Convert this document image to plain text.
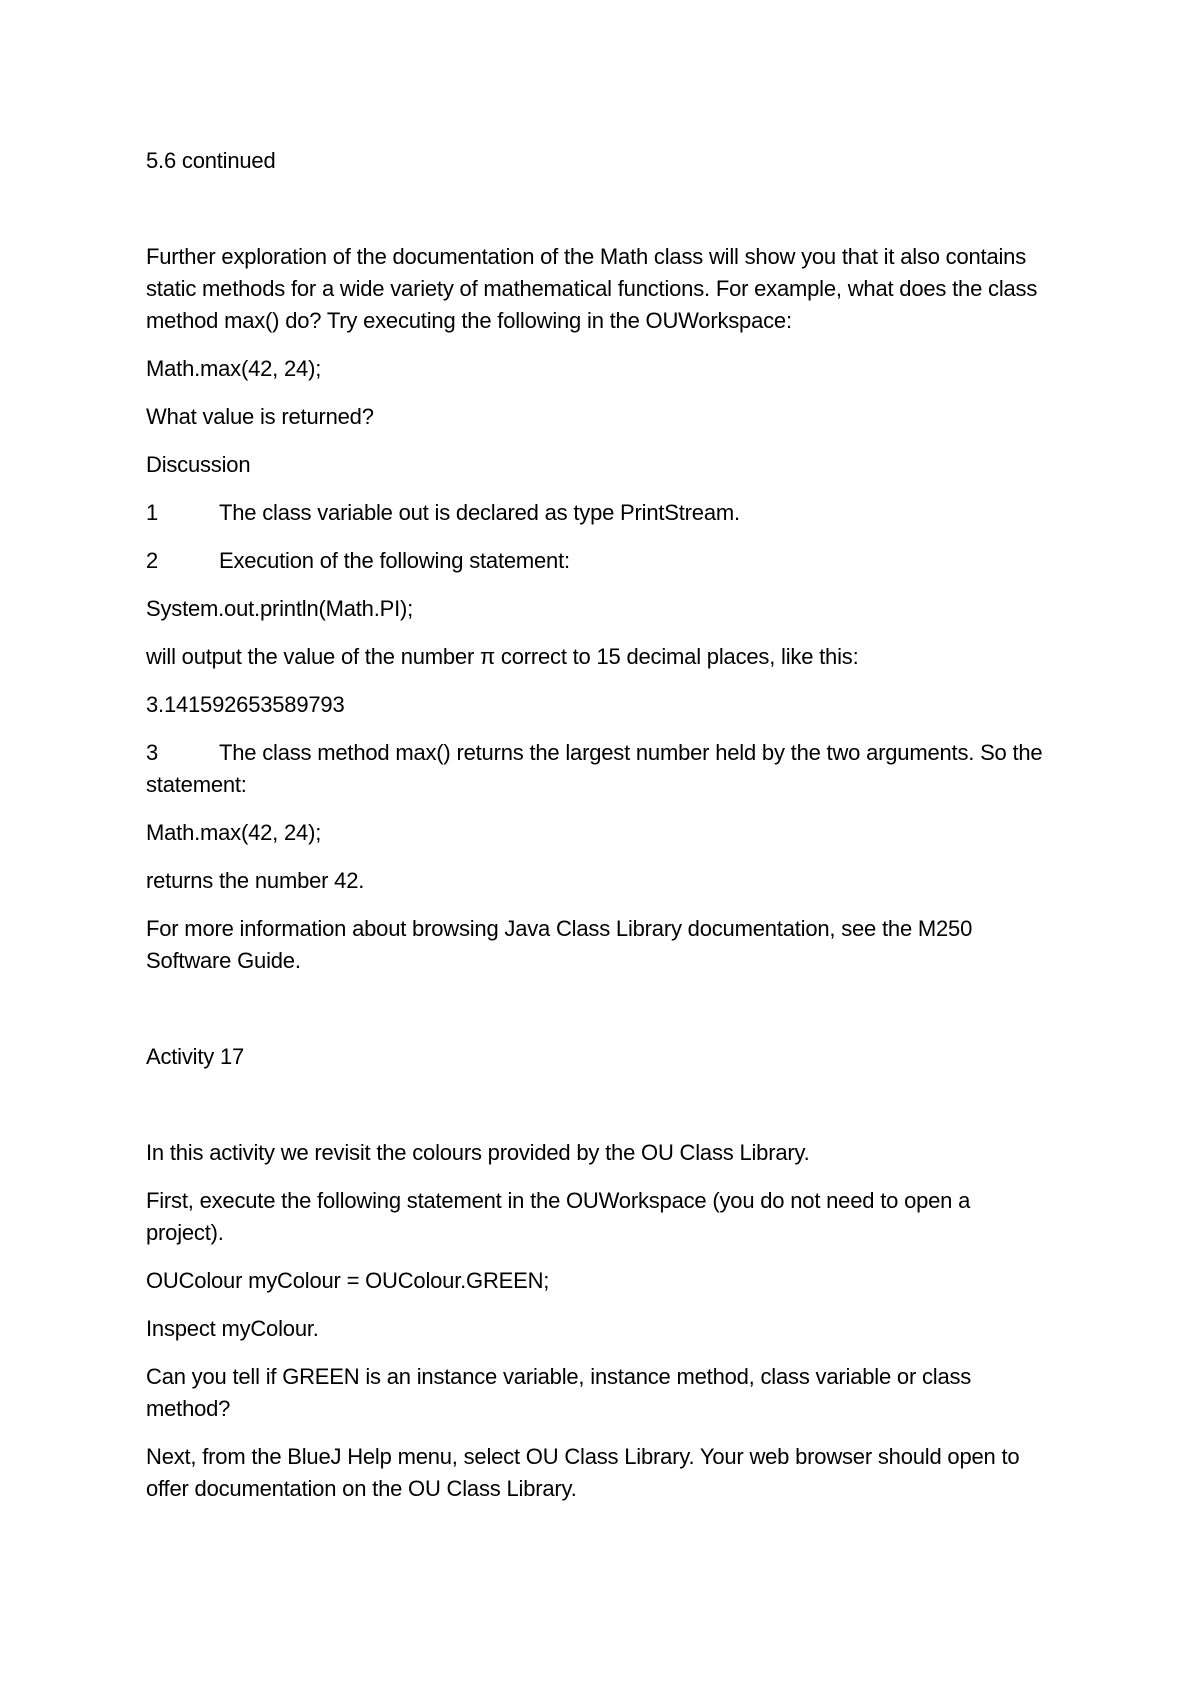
5.6 continued

Further exploration of the documentation of the Math class will show you that it also contains static methods for a wide variety of mathematical functions. For example, what does the class method max() do? Try executing the following in the OUWorkspace:

Math.max(42, 24);

What value is returned?

Discussion

1	The class variable out is declared as type PrintStream.

2	Execution of the following statement:

System.out.println(Math.PI);

will output the value of the number π correct to 15 decimal places, like this:

3.141592653589793

3	The class method max() returns the largest number held by the two arguments. So the statement:

Math.max(42, 24);

returns the number 42.

For more information about browsing Java Class Library documentation, see the M250 Software Guide.

Activity 17

In this activity we revisit the colours provided by the OU Class Library.

First, execute the following statement in the OUWorkspace (you do not need to open a project).

OUColour myColour = OUColour.GREEN;

Inspect myColour.

Can you tell if GREEN is an instance variable, instance method, class variable or class method?

Next, from the BlueJ Help menu, select OU Class Library. Your web browser should open to offer documentation on the OU Class Library.
